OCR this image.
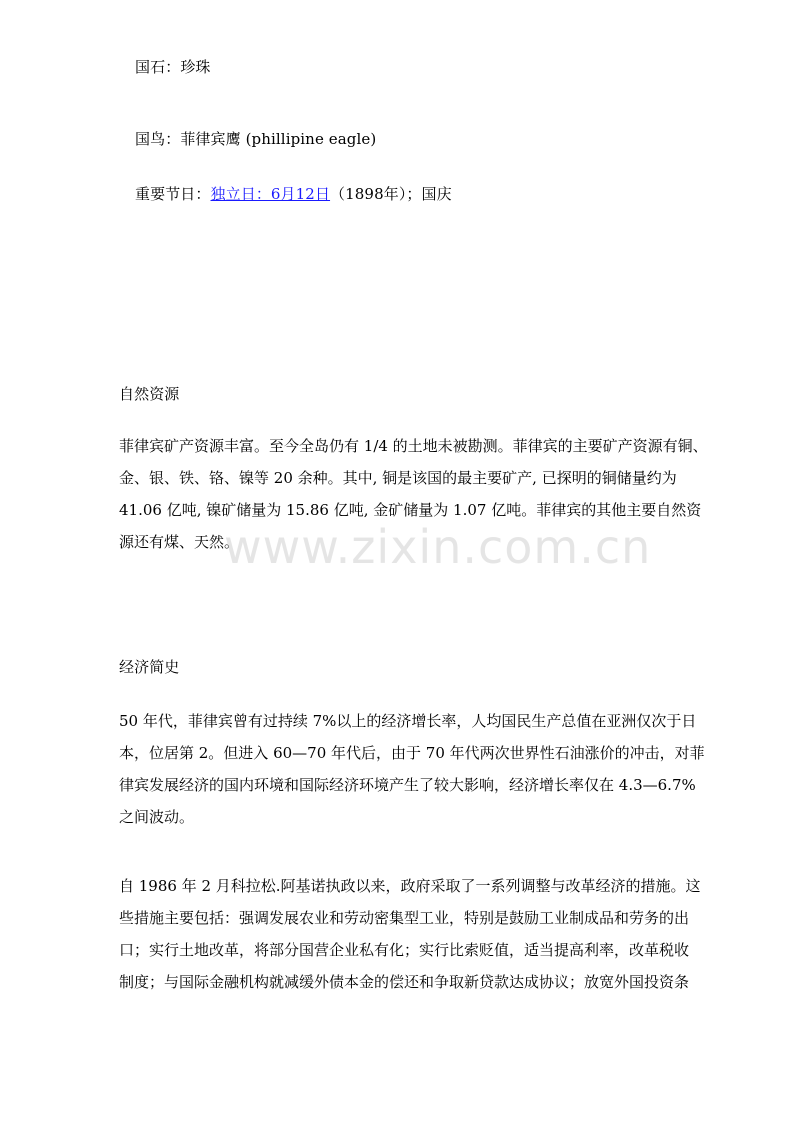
国石：珍珠
国鸟：菲律宾鹰 (phillipine eagle)
重要节日：独立日：6月12日（1898年）；国庆
自然资源
菲律宾矿产资源丰富。至今全岛仍有 1/4 的土地未被勘测。菲律宾的主要矿产资源有铜、
金、银、铁、铬、镍等 20 余种。其中, 铜是该国的最主要矿产, 已探明的铜储量约为
41.06 亿吨, 镍矿储量为 15.86 亿吨, 金矿储量为 1.07 亿吨。菲律宾的其他主要自然资
源还有煤、天然。
经济简史
50 年代，菲律宾曾有过持续 7%以上的经济增长率，人均国民生产总值在亚洲仅次于日
本，位居第 2。但进入 60—70 年代后，由于 70 年代两次世界性石油涨价的冲击，对菲
律宾发展经济的国内环境和国际经济环境产生了较大影响，经济增长率仅在 4.3—6.7%
之间波动。
自 1986 年 2 月科拉松.阿基诺执政以来，政府采取了一系列调整与改革经济的措施。这
些措施主要包括：强调发展农业和劳动密集型工业，特别是鼓励工业制成品和劳务的出
口；实行土地改革，将部分国营企业私有化；实行比索贬值，适当提高利率，改革税收
制度；与国际金融机构就减缓外债本金的偿还和争取新贷款达成协议；放宽外国投资条
www.zixin.com.cn
